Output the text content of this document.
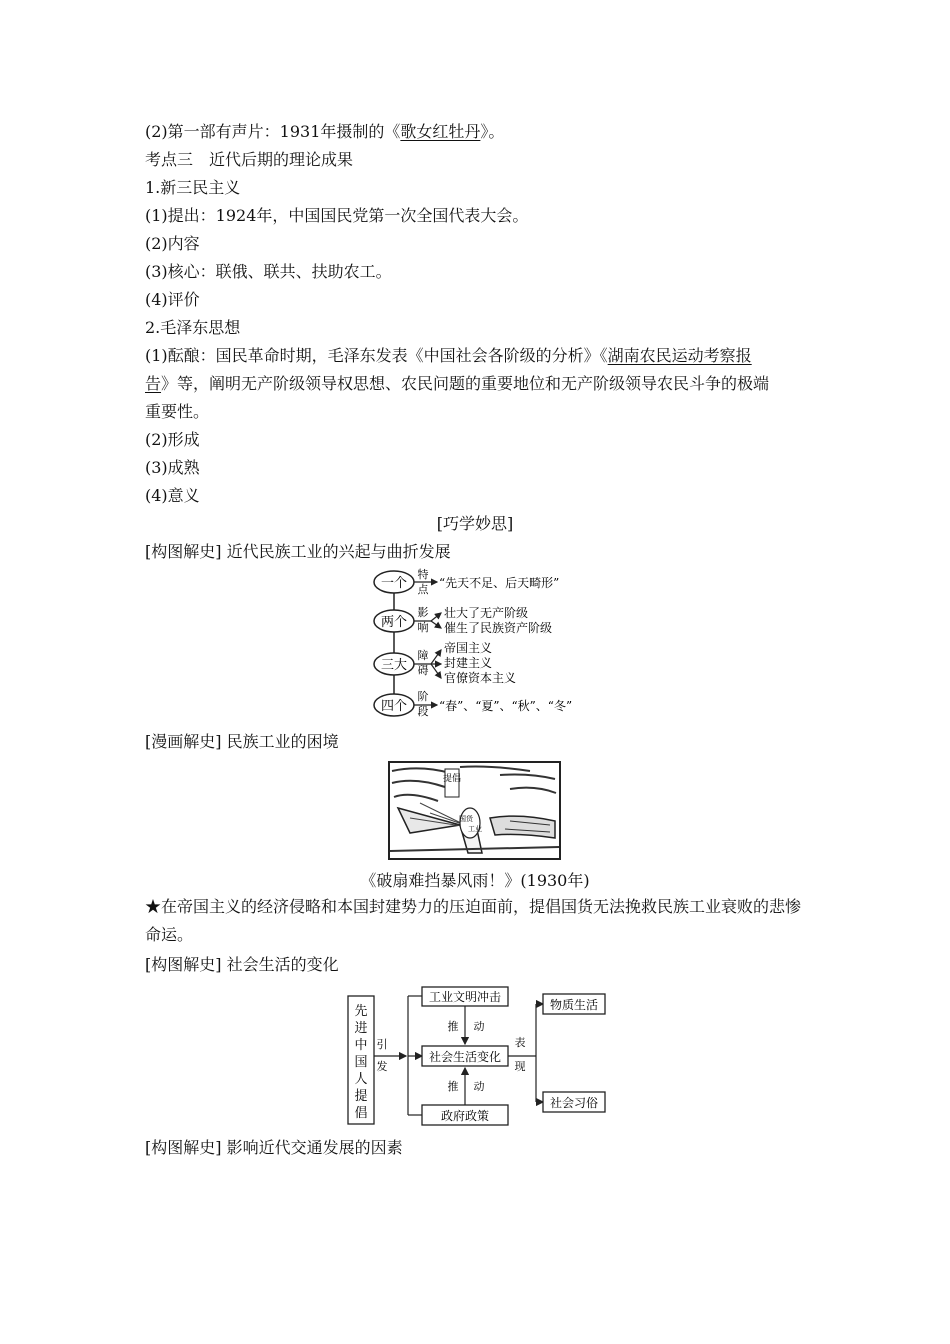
(2)第一部有声片：1931年摄制的《歌女红牡丹》。
考点三　近代后期的理论成果
1.新三民主义
(1)提出：1924年，中国国民党第一次全国代表大会。
(2)内容
(3)核心：联俄、联共、扶助农工。
(4)评价
2.毛泽东思想
(1)酝酿：国民革命时期，毛泽东发表《中国社会各阶级的分析》《湖南农民运动考察报
告》等，阐明无产阶级领导权思想、农民问题的重要地位和无产阶级领导农民斗争的极端
重要性。
(2)形成
(3)成熟
(4)意义
[巧学妙思]
[构图解史] 近代民族工业的兴起与曲折发展
一个
特
点 “先天不足、后天畸形”
两个
影
响
壮大了无产阶级
催生了民族资产阶级
三大
障
碍
帝国主义
封建主义
官僚资本主义
四个
阶
段 “春”、“夏”、“秋”、“冬”
[漫画解史] 民族工业的困境
提倡
国货
工业
《破扇难挡暴风雨！》(1930年)
★在帝国主义的经济侵略和本国封建势力的压迫面前，提倡国货无法挽救民族工业衰败的悲惨命运。
[构图解史] 社会生活的变化
先
进
中
国
人
提
倡
引
发
工业文明冲击
社会生活变化
政府政策
推 动
推 动
表
现
物质生活
社会习俗
[构图解史] 影响近代交通发展的因素
